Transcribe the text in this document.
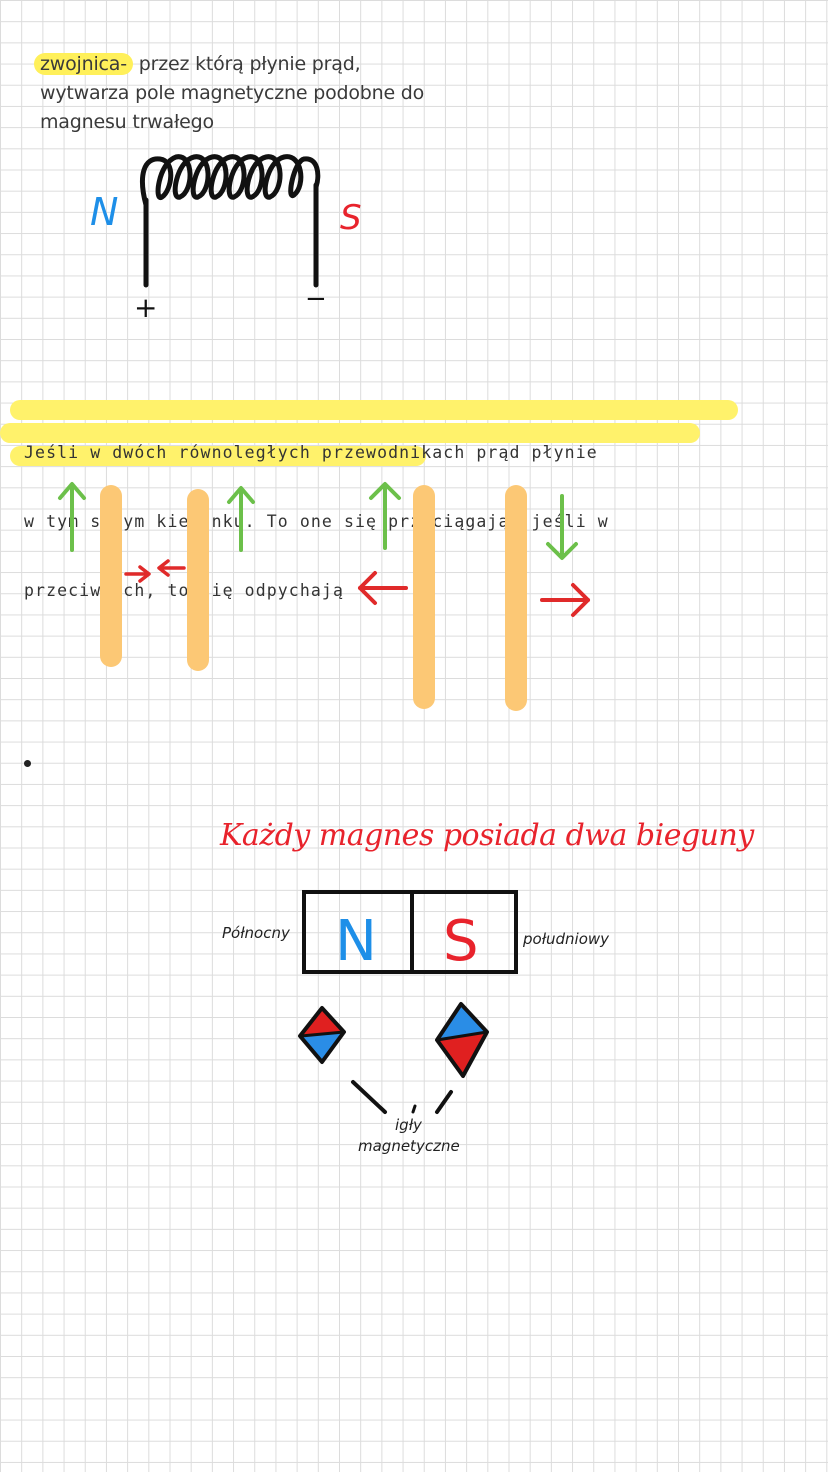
zwojnica- przez którą płynie prąd,
wytwarza pole magnetyczne podobne do
magnesu trwałego
N	S
+	−

Jeśli w dwóch równoległych przewodnikach prąd płynie

w tym samym kierunku. To one się przyciągają. jeśli w

przeciwnych, to się odpychają

Każdy magnes posiada dwa bieguny
N S
Północny	południowy
igły
magnetyczne
